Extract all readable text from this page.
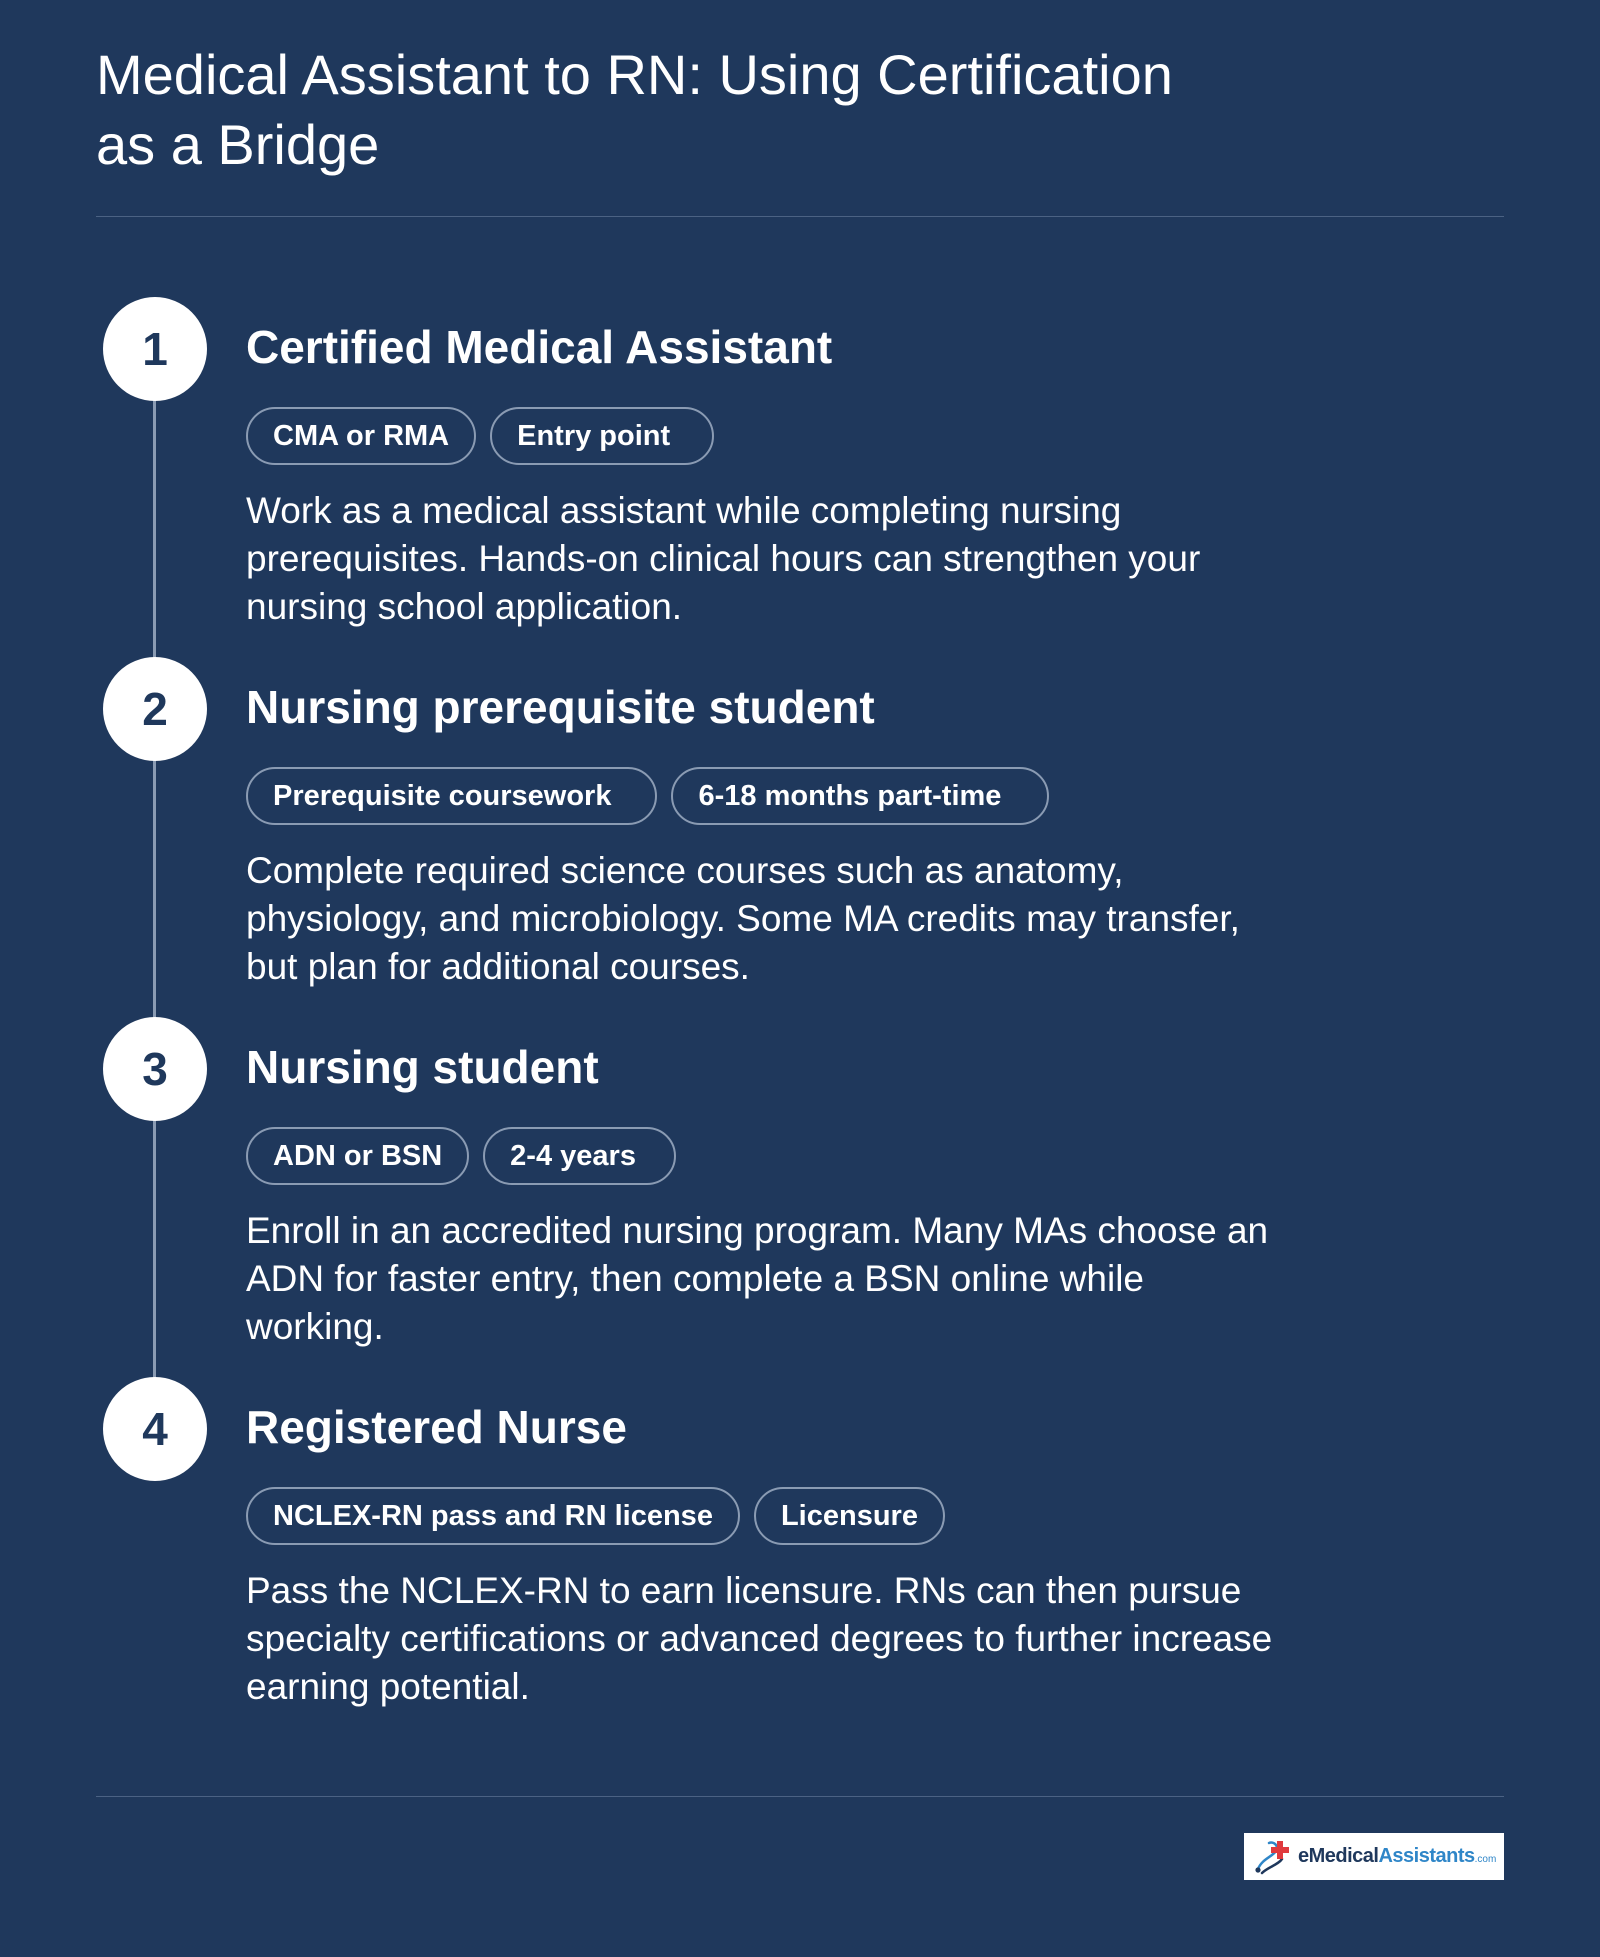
Medical Assistant to RN: Using Certification as a Bridge
1	Certified Medical Assistant
CMA or RMA	Entry point

Work as a medical assistant while completing nursing prerequisites. Hands-on clinical hours can strengthen your nursing school application.

2	Nursing prerequisite student
Prerequisite coursework	6-18 months part-time

Complete required science courses such as anatomy, physiology, and microbiology. Some MA credits may transfer, but plan for additional courses.

3	Nursing student
ADN or BSN	2-4 years

Enroll in an accredited nursing program. Many MAs choose an ADN for faster entry, then complete a BSN online while working.

4	Registered Nurse
NCLEX-RN pass and RN license	Licensure

Pass the NCLEX-RN to earn licensure. RNs can then pursue specialty certifications or advanced degrees to further increase earning potential.

eMedicalAssistants.com
